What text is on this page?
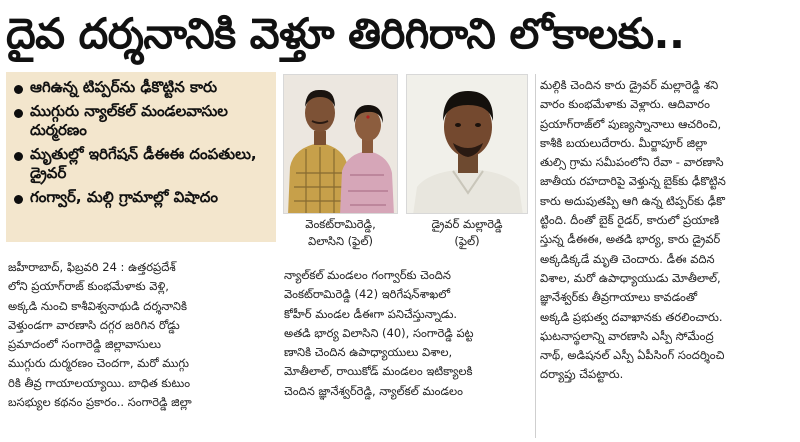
దైవ దర్శనానికి వెళ్తూ తిరిగిరాని లోకాలకు..
ఆగిఉన్న టిప్పర్‌ను ఢీకొట్టిన కారు
ముగ్గురు న్యాల్‌కల్ మండలవాసుల దుర్మరణం
మృతుల్లో ఇరిగేషన్ డీఈఈ దంపతులు, డ్రైవర్
గంగ్వార్, మల్గి గ్రామాల్లో విషాదం
వెంకట్‌రామిరెడ్డి,
విలాసిని (ఫైల్)
డ్రైవర్ మల్లారెడ్డి
(ఫైల్)
జహీరాబాద్, ఫిబ్రవరి 24 : ఉత్తరప్రదేశ్
లోని ప్రయాగ్‌రాజ్ కుంభమేళాకు వెళ్లి,
అక్కడి నుంచి కాశీవిశ్వనాథుడి దర్శనానికి
వెళ్తుండగా వారణాసి దగ్గర జరిగిన రోడ్డు
ప్రమాదంలో సంగారెడ్డి జిల్లావాసులు
ముగ్గురు దుర్మరణం చెందగా, మరో ముగ్గు
రికి తీవ్ర గాయాలయ్యాయి. బాధిత కుటుం
బసభ్యుల కథనం ప్రకారం.. సంగారెడ్డి జిల్లా
న్యాల్‌కల్ మండలం గంగ్వార్‌కు చెందిన
వెంకట్‌రామిరెడ్డి (42) ఇరిగేషన్‌శాఖలో
కోహీర్ మండల డీఈగా పనిచేస్తున్నాడు.
అతడి భార్య విలాసిని (40), సంగారెడ్డి పట్ట
ణానికి చెందిన ఉపాధ్యాయులు విశాల,
మోతీలాల్, రాయికోడ్ మండలం ఇటిక్యాలకి
చెందిన జ్ఞానేశ్వర్‌రెడ్డి, న్యాల్‌కల్ మండలం
మల్గికి చెందిన కారు డ్రైవర్ మల్లారెడ్డి శని
వారం కుంభమేళాకు వెళ్లారు. ఆదివారం
ప్రయాగ్‌రాజ్‌లో పుణ్యస్నానాలు ఆచరించి,
కాశీకి బయలుదేరారు. మీర్జాపూర్ జిల్లా
తుల్సి గ్రామ సమీపంలోని రేవా - వారణాసి
జాతీయ రహదారిపై వెళ్తున్న బైక్‌కు ఢీకొట్టిన
కారు అదుపుతప్పి ఆగి ఉన్న టిప్పర్‌కు ఢీకొ
ట్టింది. దీంతో బైక్ రైడర్, కారులో ప్రయాణి
స్తున్న డీఈఈ, అతడి భార్య, కారు డ్రైవర్
అక్కడిక్కడే మృతి చెందారు. డీఈ వదిన
విశాల, మరో ఉపాధ్యాయుడు మోతీలాల్,
జ్ఞానేశ్వర్‌కు తీవ్రగాయాలు కావడంతో
అక్కడి ప్రభుత్వ దవాఖానకు తరలించారు.
ఘటనాస్థలాన్ని వారణాసి ఎస్పీ సోమేంద్ర
నాథ్, అడిషనల్ ఎస్పీ ఏపీసింగ్ సందర్శించి
దర్యాప్తు చేపట్టారు.
